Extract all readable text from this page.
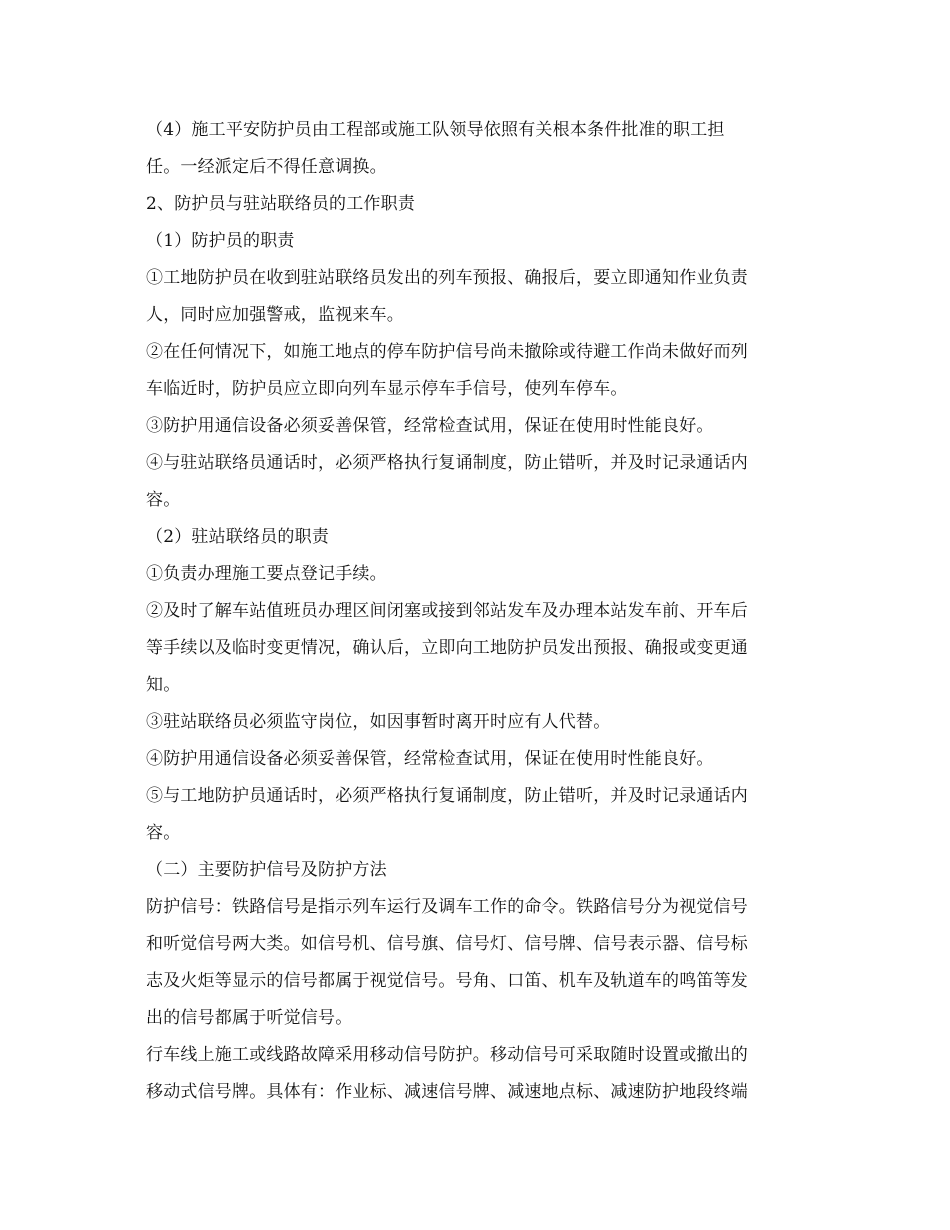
（4）施工平安防护员由工程部或施工队领导依照有关根本条件批准的职工担

任。一经派定后不得任意调换。

2、防护员与驻站联络员的工作职责

（1）防护员的职责

①工地防护员在收到驻站联络员发出的列车预报、确报后，要立即通知作业负责

人，同时应加强警戒，监视来车。

②在任何情况下，如施工地点的停车防护信号尚未撤除或待避工作尚未做好而列

车临近时，防护员应立即向列车显示停车手信号，使列车停车。

③防护用通信设备必须妥善保管，经常检查试用，保证在使用时性能良好。

④与驻站联络员通话时，必须严格执行复诵制度，防止错听，并及时记录通话内

容。

（2）驻站联络员的职责

①负责办理施工要点登记手续。

②及时了解车站值班员办理区间闭塞或接到邻站发车及办理本站发车前、开车后

等手续以及临时变更情况，确认后，立即向工地防护员发出预报、确报或变更通

知。

③驻站联络员必须监守岗位，如因事暂时离开时应有人代替。

④防护用通信设备必须妥善保管，经常检查试用，保证在使用时性能良好。

⑤与工地防护员通话时，必须严格执行复诵制度，防止错听，并及时记录通话内

容。

（二）主要防护信号及防护方法

防护信号：铁路信号是指示列车运行及调车工作的命令。铁路信号分为视觉信号

和听觉信号两大类。如信号机、信号旗、信号灯、信号牌、信号表示器、信号标

志及火炬等显示的信号都属于视觉信号。号角、口笛、机车及轨道车的鸣笛等发

出的信号都属于听觉信号。

行车线上施工或线路故障采用移动信号防护。移动信号可采取随时设置或撤出的

移动式信号牌。具体有：作业标、减速信号牌、减速地点标、减速防护地段终端
